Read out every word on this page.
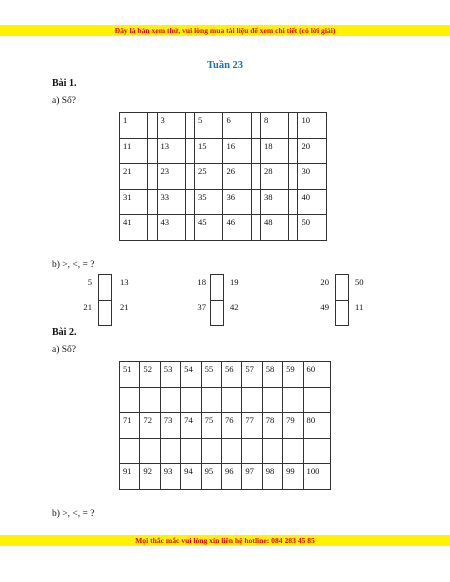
Đây là bản xem thử, vui lòng mua tài liệu để xem chi tiết (có lời giải)
Tuần 23
Bài 1.
a) Số?
1		3		5	6		8		10
11		13		15	16		18		20
21		23		25	26		28		30
31		33		35	36		38		40
41		43		45	46		48		50
b) >, <, = ?
5	13	18	19	20	50
21	21	37	42	49	11
Bài 2.
a) Số?
51	52	53	54	55	56	57	58	59	60

71	72	73	74	75	76	77	78	79	80

91	92	93	94	95	96	97	98	99	100
b) >, <, = ?
Mọi thắc mắc vui lòng xin liên hệ hotline: 084 283 45 85
